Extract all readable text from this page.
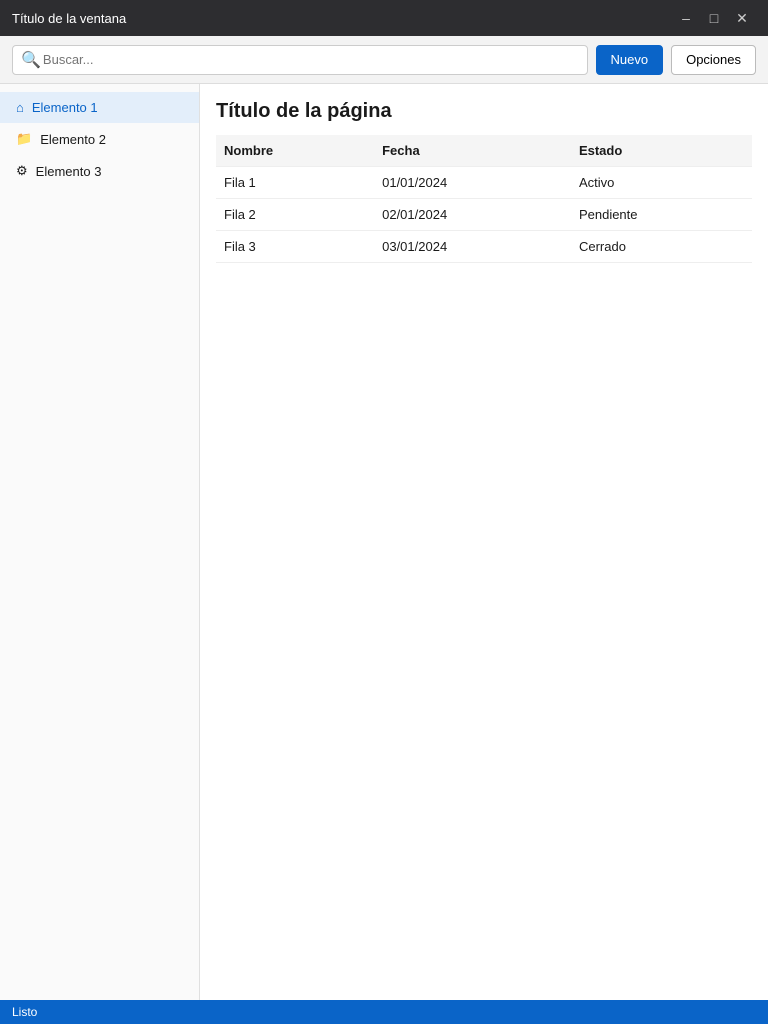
Título de la ventana	–	□	✕
🔍
Buscar...	Nuevo	Opciones
⌂ Elemento 1
📁 Elemento 2
⚙ Elemento 3
Título de la página
Nombre	Fecha	Estado
Fila 1	01/01/2024	Activo
Fila 2	02/01/2024	Pendiente
Fila 3	03/01/2024	Cerrado
Listo
